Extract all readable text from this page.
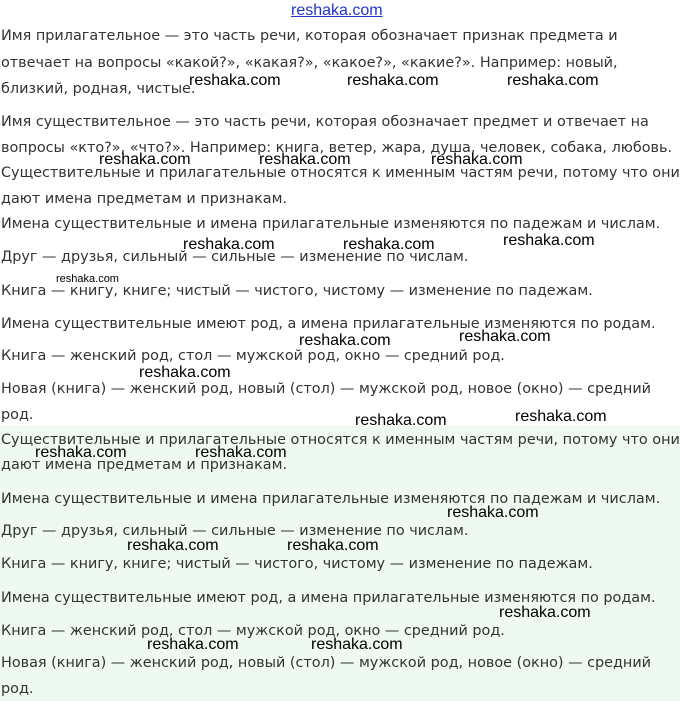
reshaka.com
Имя прилагательное — это часть речи, которая обозначает признак предмета и
отвечает на вопросы «какой?», «какая?», «какое?», «какие?». Например: новый,
близкий, родная, чистые.
Имя существительное — это часть речи, которая обозначает предмет и отвечает на
вопросы «кто?», «что?». Например: книга, ветер, жара, душа, человек, собака, любовь.
Существительные и прилагательные относятся к именным частям речи, потому что они
дают имена предметам и признакам.
Имена существительные и имена прилагательные изменяются по падежам и числам.
Друг — друзья, сильный — сильные — изменение по числам.
Книга — книгу, книге; чистый — чистого, чистому — изменение по падежам.
Имена существительные имеют род, а имена прилагательные изменяются по родам.
Книга — женский род, стол — мужской род, окно — средний род.
Новая (книга) — женский род, новый (стол) — мужской род, новое (окно) — средний
род.
Существительные и прилагательные относятся к именным частям речи, потому что они
дают имена предметам и признакам.
Имена существительные и имена прилагательные изменяются по падежам и числам.
Друг — друзья, сильный — сильные — изменение по числам.
Книга — книгу, книге; чистый — чистого, чистому — изменение по падежам.
Имена существительные имеют род, а имена прилагательные изменяются по родам.
Книга — женский род, стол — мужской род, окно — средний род.
Новая (книга) — женский род, новый (стол) — мужской род, новое (окно) — средний
род.
reshaka.com	reshaka.com	reshaka.com
reshaka.com	reshaka.com	reshaka.com
reshaka.com	reshaka.com	reshaka.com
reshaka.com
reshaka.com	reshaka.com
reshaka.com
reshaka.com	reshaka.com
reshaka.com	reshaka.com
reshaka.com
reshaka.com	reshaka.com
reshaka.com
reshaka.com	reshaka.com
